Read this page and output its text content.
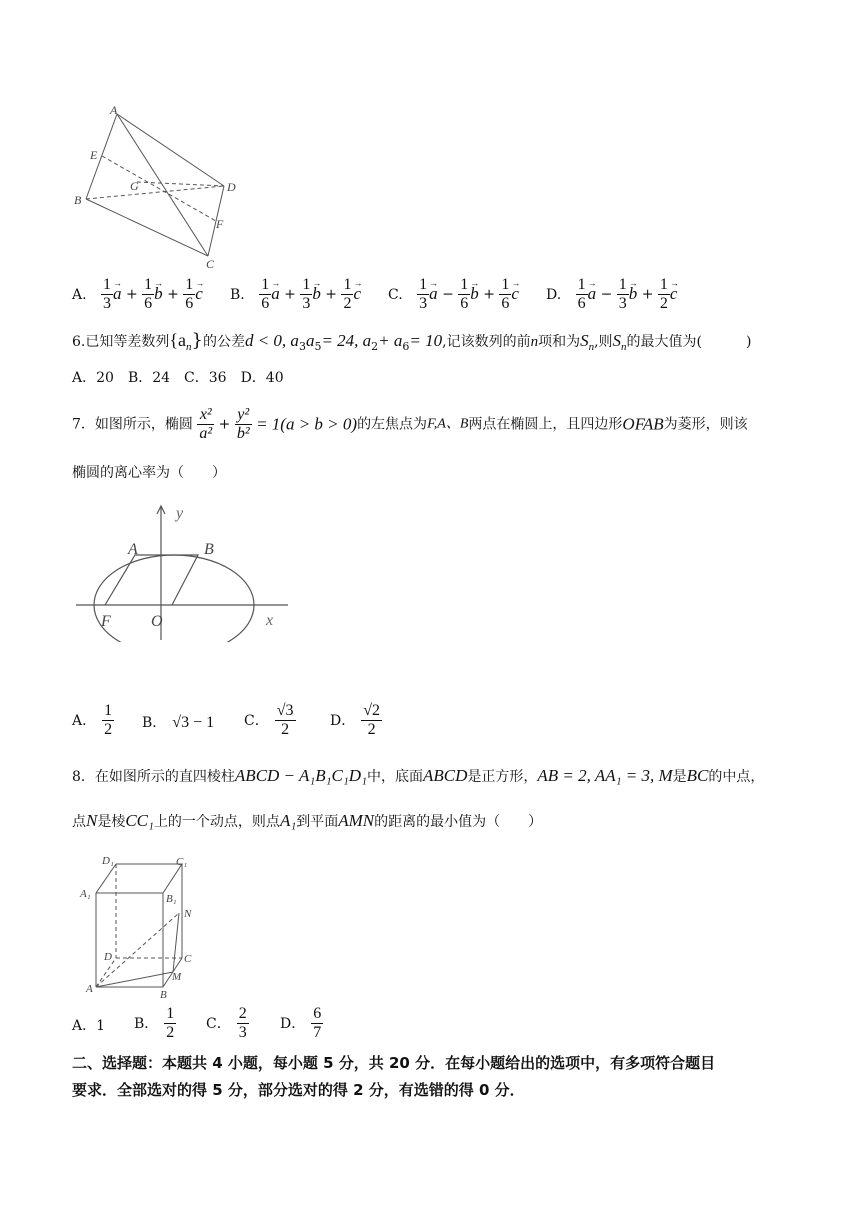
A
E
G	D
B
F
C
A. $\frac{1}{3}$
→ $a + \frac{1}{6}$
→ $b + \frac{1}{6}$
→ c B. $\frac{1}{6}$
→ $a + \frac{1}{3}$
→ $b + \frac{1}{2}$
→ c C. $\frac{1}{3}$
→ $a - \frac{1}{6}$
→ $b + \frac{1}{6}$
→ c D. $\frac{1}{6}$
→ $a - \frac{1}{3}$
→ $b + \frac{1}{2}$
→ c
6.已知等差数列$\{a_n\}$的公差d < 0, $a_3a_5= 24$, $a_2+ a_6= 10$,记该数列的前n项和为$S_n$,则$S_n$的最大值为(	)
A．20 B．24 C．36 D．40
7．如图所示，椭圆 $\frac{\text{x²}}{\text{a²}} + \frac{\text{y²}}{\text{b²}} = 1(a > b > 0)$的左焦点为F,A、B两点在椭圆上，且四边形OFAB为菱形，则该
椭圆的离心率为（　　）
y
x
A	B
F	O
A． $\frac{1}{2}$ B． √3 − 1 C． $\frac{√3}{2}$ D． $\frac{√2}{2}$
8．在如图所示的直四棱柱ABCD − A₁B₁C₁D₁中，底面ABCD是正方形，AB = 2, AA₁ = 3, M是BC的中点，
点N是棱CC₁上的一个动点，则点A₁到平面AMN的距离的最小值为（　　）
D₁	C₁
A₁	B₁
N
D	C
M
A	B
A．1 B． $\frac{1}{2}$ C． $\frac{2}{3}$ D． $\frac{6}{7}$
二、选择题：本题共 4 小题，每小题 5 分，共 20 分．在每小题给出的选项中，有多项符合题目
要求．全部选对的得 5 分，部分选对的得 2 分，有选错的得 0 分．
